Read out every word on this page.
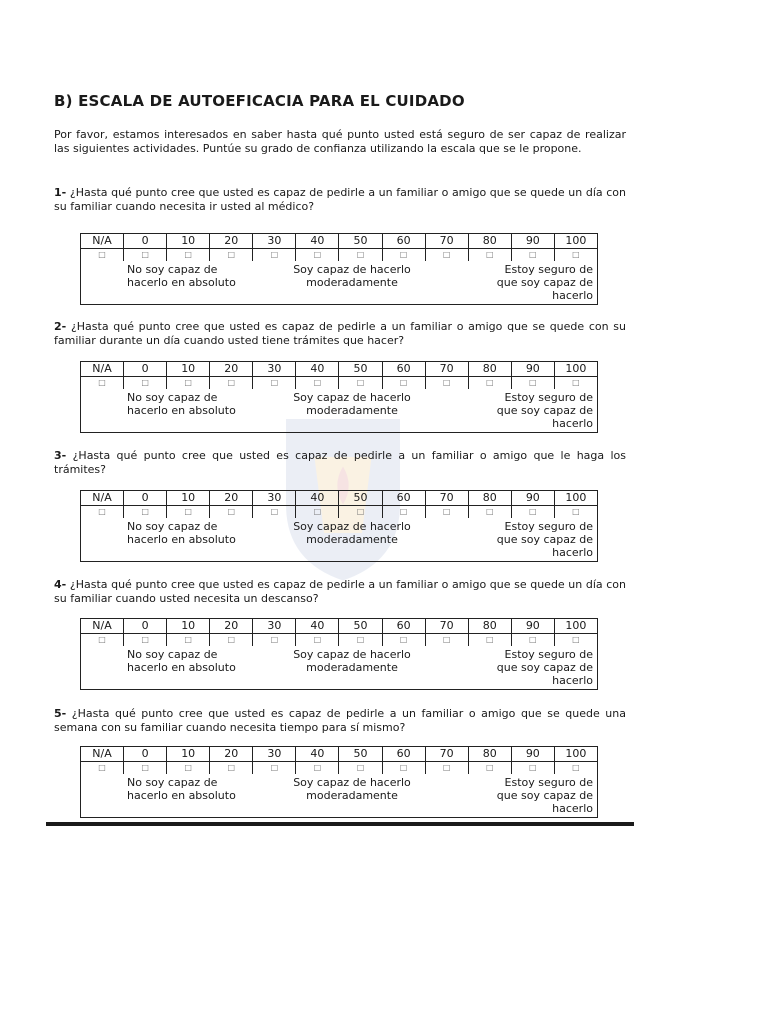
B) ESCALA DE AUTOEFICACIA PARA EL CUIDADO
Por favor, estamos interesados en saber hasta qué punto usted está seguro de ser capaz de realizar las siguientes actividades. Puntúe su grado de confianza utilizando la escala que se le propone.
1- ¿Hasta qué punto cree que usted es capaz de pedirle a un familiar o amigo que se quede un día con su familiar cuando necesita ir usted al médico?
N/A	0	10	20	30	40	50	60	70	80	90	100
□	□	□	□	□	□	□	□	□	□	□	□
No soy capaz de hacerlo en absoluto
Soy capaz de hacerlo moderadamente
Estoy seguro de que soy capaz de hacerlo
2- ¿Hasta qué punto cree que usted es capaz de pedirle a un familiar o amigo que se quede con su familiar durante un día cuando usted tiene trámites que hacer?
N/A	0	10	20	30	40	50	60	70	80	90	100
□	□	□	□	□	□	□	□	□	□	□	□
No soy capaz de hacerlo en absoluto
Soy capaz de hacerlo moderadamente
Estoy seguro de que soy capaz de hacerlo
3- ¿Hasta qué punto cree que usted es capaz de pedirle a un familiar o amigo que le haga los trámites?
N/A	0	10	20	30	40	50	60	70	80	90	100
□	□	□	□	□	□	□	□	□	□	□	□
No soy capaz de hacerlo en absoluto
Soy capaz de hacerlo moderadamente
Estoy seguro de que soy capaz de hacerlo
4- ¿Hasta qué punto cree que usted es capaz de pedirle a un familiar o amigo que se quede un día con su familiar cuando usted necesita un descanso?
N/A	0	10	20	30	40	50	60	70	80	90	100
□	□	□	□	□	□	□	□	□	□	□	□
No soy capaz de hacerlo en absoluto
Soy capaz de hacerlo moderadamente
Estoy seguro de que soy capaz de hacerlo
5- ¿Hasta qué punto cree que usted es capaz de pedirle a un familiar o amigo que se quede una semana con su familiar cuando necesita tiempo para sí mismo?
N/A	0	10	20	30	40	50	60	70	80	90	100
□	□	□	□	□	□	□	□	□	□	□	□
No soy capaz de hacerlo en absoluto
Soy capaz de hacerlo moderadamente
Estoy seguro de que soy capaz de hacerlo
